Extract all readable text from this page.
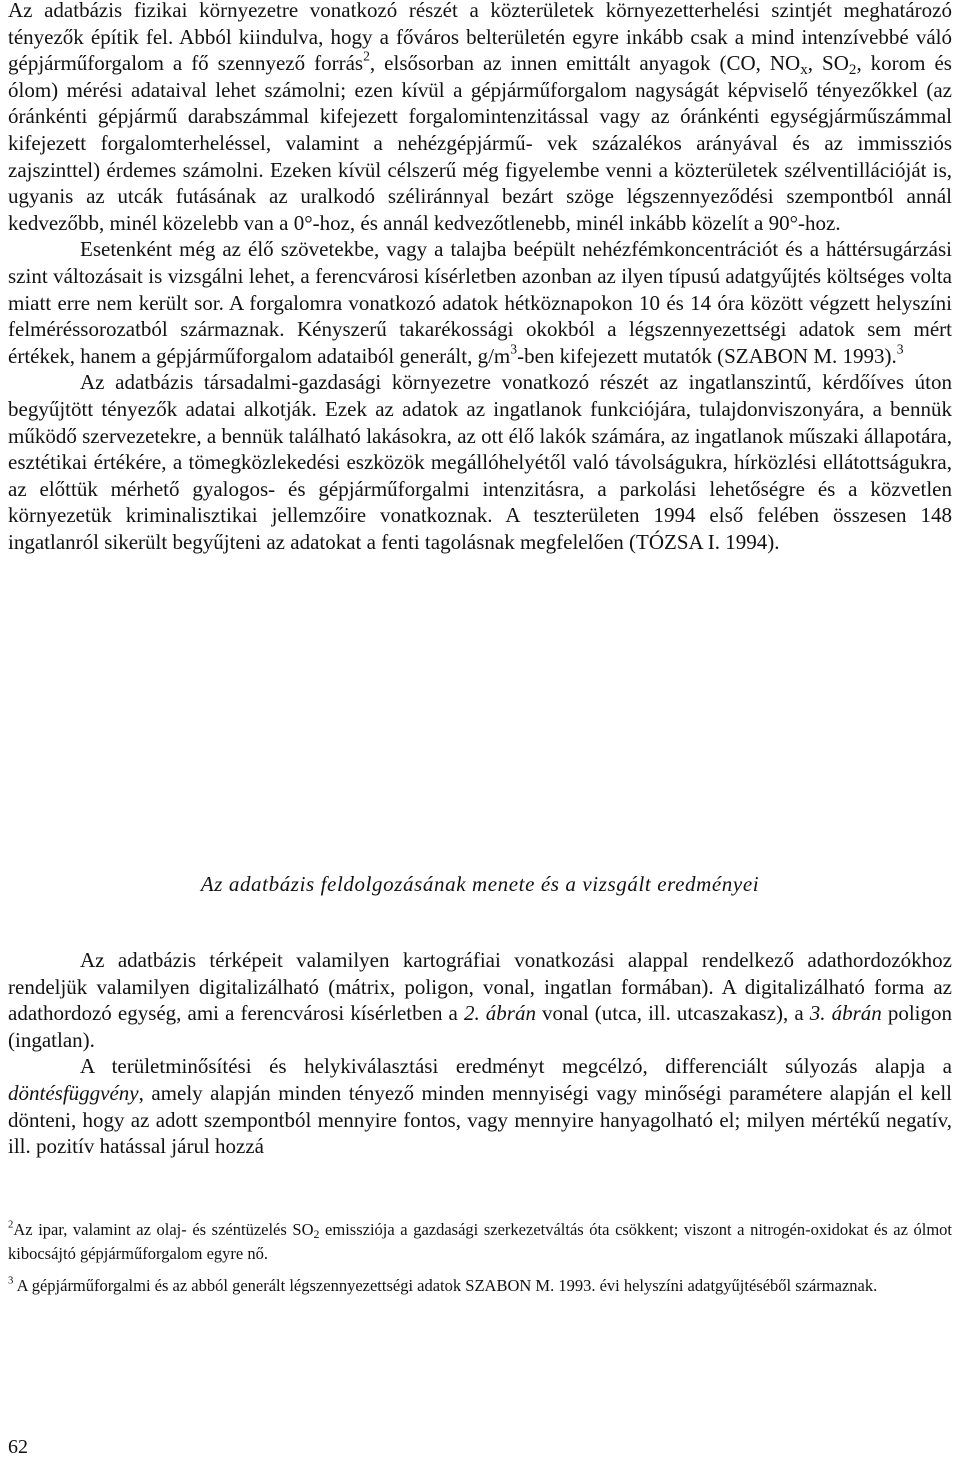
Az adatbázis fizikai környezetre vonatkozó részét a közterületek környezetterhelési szintjét meghatározó tényezők építik fel. Abból kiindulva, hogy a főváros belterületén egyre inkább csak a mind intenzívebbé váló gépjárműforgalom a fő szennyező forrás$^2$, elsősorban az innen emittált anyagok (CO, $NO_x$, $SO_2$, korom és ólom) mérési adataival lehet számolni; ezen kívül a gépjárműforgalom nagyságát képviselő tényezőkkel (az óránkénti gépjármű darabszámmal kifejezett forgalomintenzitással vagy az óránkénti egységjárműszámmal kifejezett forgalomterheléssel, valamint a nehézgépjármű- vek százalékos arányával és az immissziós zajszinttel) érdemes számolni. Ezeken kívül célszerű még figyelembe venni a közterületek szélventillációját is, ugyanis az utcák futásának az uralkodó széliránnyal bezárt szöge légszennyeződési szempontból annál kedvezőbb, minél közelebb van a 0°-hoz, és annál kedvezőtlenebb, minél inkább közelít a 90°-hoz.

Esetenként még az élő szövetekbe, vagy a talajba beépült nehézfémkoncentrációt és a háttérsugárzási szint változásait is vizsgálni lehet, a ferencvárosi kísérletben azonban az ilyen típusú adatgyűjtés költséges volta miatt erre nem került sor. A forgalomra vonatkozó adatok hétköznapokon 10 és 14 óra között végzett helyszíni felméréssorozatból származnak. Kényszerű takarékossági okokból a légszennyezettségi adatok sem mért értékek, hanem a gépjárműforgalom adataiból generált, $g/m^3$-ben kifejezett mutatók (SZABON M. 1993).$^3$

Az adatbázis társadalmi-gazdasági környezetre vonatkozó részét az ingatlanszintű, kérdőíves úton begyűjtött tényezők adatai alkotják. Ezek az adatok az ingatlanok funkciójára, tulajdonviszonyára, a bennük működő szervezetekre, a bennük található lakásokra, az ott élő lakók számára, az ingatlanok műszaki állapotára, esztétikai értékére, a tömegközlekedési eszközök megállóhelyétől való távolságukra, hírközlési ellátottságukra, az előttük mérhető gyalogos- és gépjárműforgalmi intenzitásra, a parkolási lehetőségre és a közvetlen környezetük kriminalisztikai jellemzőire vonatkoznak. A teszterületen 1994 első felében összesen 148 ingatlanról sikerült begyűjteni az adatokat a fenti tagolásnak megfelelően (TÓZSA I. 1994).

Az adatbázis feldolgozásának menete és a vizsgált eredményei

Az adatbázis térképeit valamilyen kartográfiai vonatkozási alappal rendelkező adathordozókhoz rendeljük valamilyen digitalizálható (mátrix, poligon, vonal, ingatlan formában). A digitalizálható forma az adathordozó egység, ami a ferencvárosi kísérletben a 2. ábrán vonal (utca, ill. utcaszakasz), a 3. ábrán poligon (ingatlan).

A területminősítési és helykiválasztási eredményt megcélzó, differenciált súlyozás alapja a döntésfüggvény, amely alapján minden tényező minden mennyiségi vagy minőségi paramétere alapján el kell dönteni, hogy az adott szempontból mennyire fontos, vagy mennyire hanyagolható el; milyen mértékű negatív, ill. pozitív hatással járul hozzá

$^2$Az ipar, valamint az olaj- és széntüzelés $SO_2$ emissziója a gazdasági szerkezetváltás óta csökkent; viszont a nitrogén-oxidokat és az ólmot kibocsájtó gépjárműforgalom egyre nő.

$^3$ A gépjárműforgalmi és az abból generált légszennyezettségi adatok SZABON M. 1993. évi helyszíni adatgyűjtéséből származnak.

62
